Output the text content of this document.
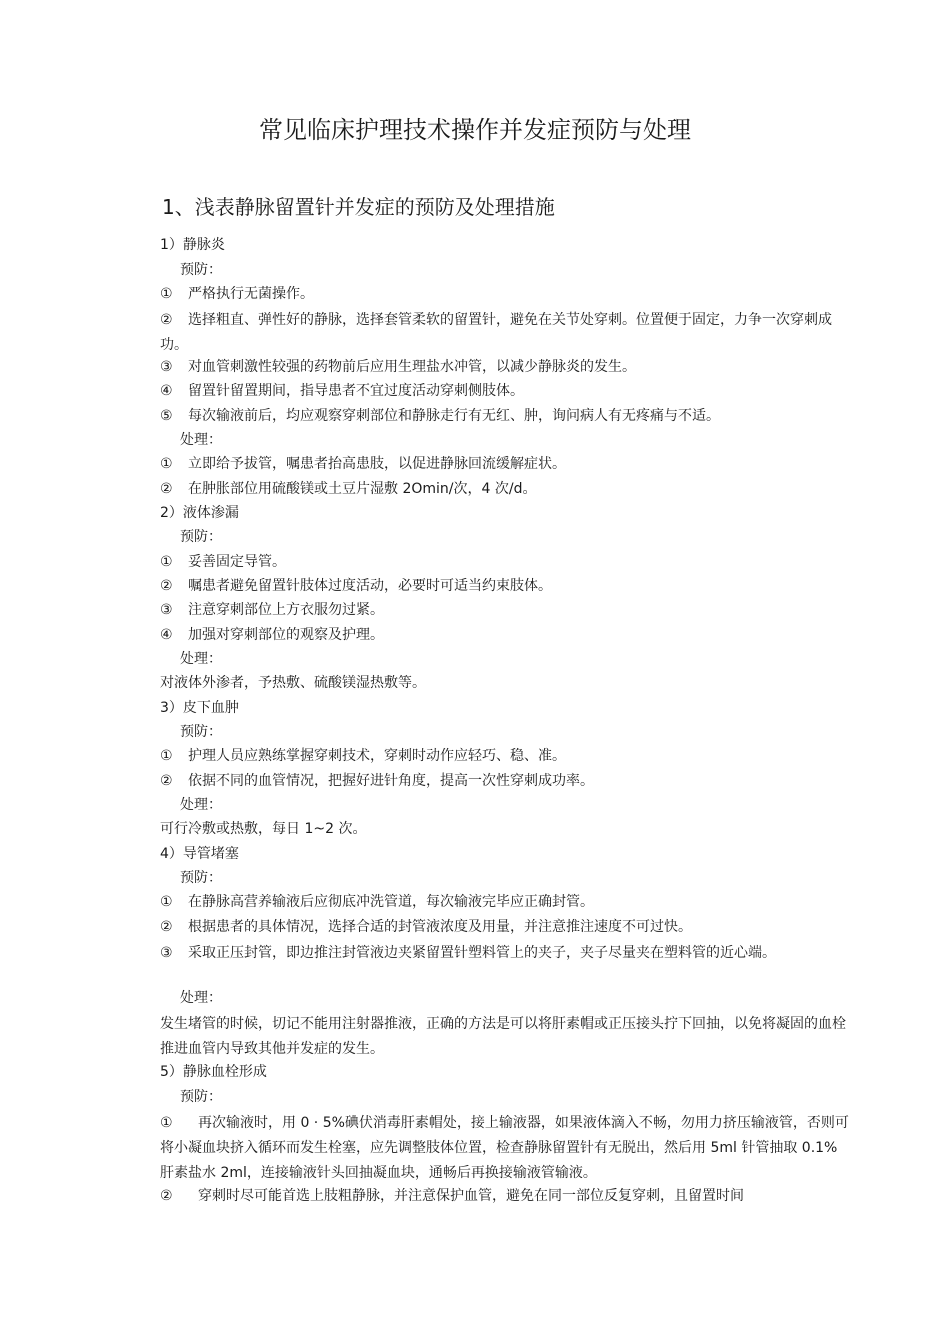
常见临床护理技术操作并发症预防与处理
1、浅表静脉留置针并发症的预防及处理措施
1）静脉炎
预防：
①	严格执行无菌操作。
②	选择粗直、弹性好的静脉，选择套管柔软的留置针，避免在关节处穿刺。位置便于固定，力争一次穿刺成功。
③	对血管刺激性较强的药物前后应用生理盐水冲管，以减少静脉炎的发生。
④	留置针留置期间，指导患者不宜过度活动穿刺侧肢体。
⑤	每次输液前后，均应观察穿刺部位和静脉走行有无红、肿，询问病人有无疼痛与不适。
处理：
①	立即给予拔管，嘱患者抬高患肢，以促进静脉回流缓解症状。
②	在肿胀部位用硫酸镁或土豆片湿敷 2Omin/次，4 次/d。
2）液体渗漏
预防：
①	妥善固定导管。
②	嘱患者避免留置针肢体过度活动，必要时可适当约束肢体。
③	注意穿刺部位上方衣服勿过紧。
④	加强对穿刺部位的观察及护理。
处理：
对液体外渗者，予热敷、硫酸镁湿热敷等。
3）皮下血肿
预防：
①	护理人员应熟练掌握穿刺技术，穿刺时动作应轻巧、稳、准。
②	依据不同的血管情况，把握好进针角度，提高一次性穿刺成功率。
处理：
可行冷敷或热敷，每日 1~2 次。
4）导管堵塞
预防：
①	在静脉高营养输液后应彻底冲洗管道，每次输液完毕应正确封管。
②	根据患者的具体情况，选择合适的封管液浓度及用量，并注意推注速度不可过快。
③	采取正压封管，即边推注封管液边夹紧留置针塑料管上的夹子，夹子尽量夹在塑料管的近心端。
处理：
发生堵管的时候，切记不能用注射器推液，正确的方法是可以将肝素帽或正压接头拧下回抽，以免将凝固的血栓推进血管内导致其他并发症的发生。
5）静脉血栓形成
预防：
①	再次输液时，用 0 · 5%碘伏消毒肝素帽处，接上输液器，如果液体滴入不畅，勿用力挤压输液管，否则可将小凝血块挤入循环而发生栓塞，应先调整肢体位置，检查静脉留置针有无脱出，然后用 5ml 针管抽取 0.1%肝素盐水 2ml，连接输液针头回抽凝血块，通畅后再换接输液管输液。
②	穿刺时尽可能首选上肢粗静脉，并注意保护血管，避免在同一部位反复穿刺，且留置时间
